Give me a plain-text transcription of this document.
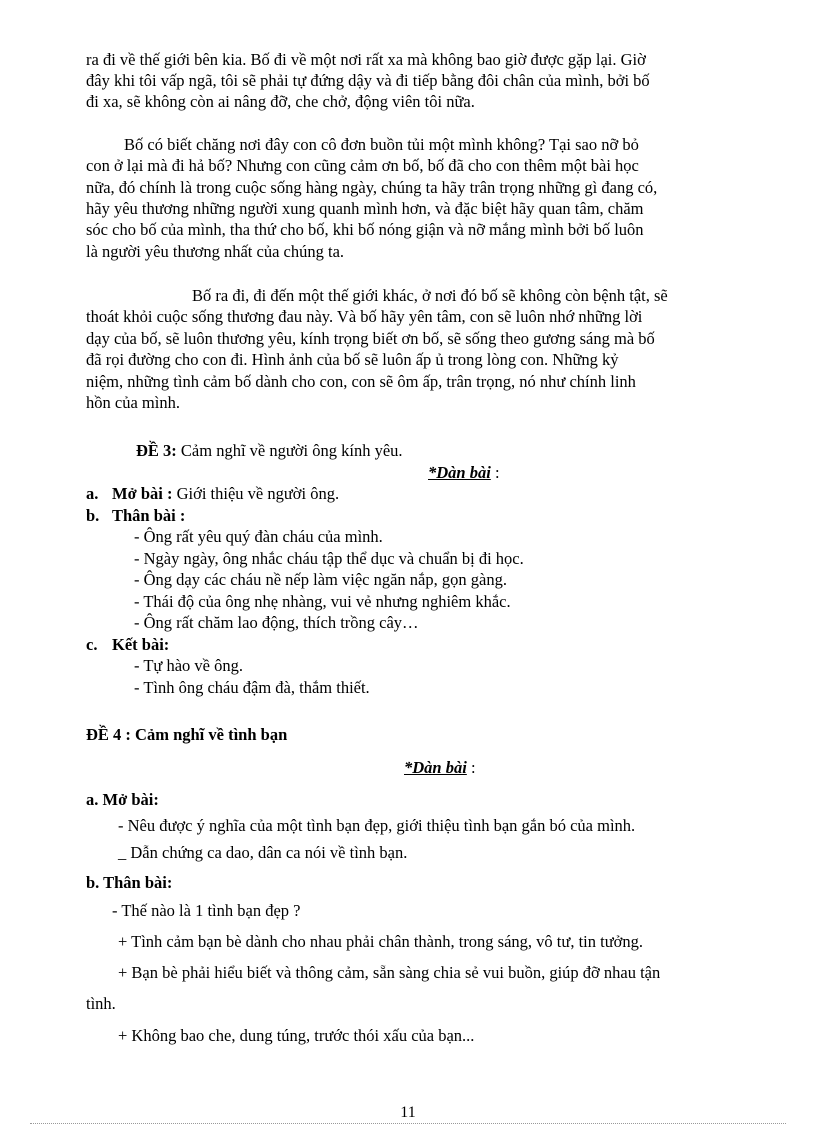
ra đi về thế giới bên kia. Bố đi về một nơi rất xa mà không bao giờ được gặp lại. Giờ
đây khi tôi vấp ngã, tôi sẽ phải tự đứng dậy và đi tiếp bằng đôi chân của mình, bởi bố
đi xa, sẽ không còn ai nâng đỡ, che chở, động viên tôi nữa.
Bố có biết chăng nơi đây con cô đơn buồn tủi một mình không? Tại sao nỡ bỏ
con ở lại mà đi hả bố? Nhưng con cũng cảm ơn bố, bố đã cho con thêm một bài học
nữa, đó chính là trong cuộc sống hàng ngày, chúng ta hãy trân trọng những gì đang có,
hãy yêu thương những người xung quanh mình hơn, và đặc biệt hãy quan tâm, chăm
sóc cho bố của mình, tha thứ cho bố, khi bố nóng giận và nỡ mắng mình bởi bố luôn
là người yêu thương nhất của chúng ta.
Bố ra đi, đi đến một thế giới khác, ở nơi đó bố sẽ không còn bệnh tật, sẽ
thoát khỏi cuộc sống thương đau này. Và bố hãy yên tâm, con sẽ luôn nhớ những lời
dạy của bố, sẽ luôn thương yêu, kính trọng biết ơn bố, sẽ sống theo gương sáng mà bố
đã rọi đường cho con đi. Hình ảnh của bố sẽ luôn ấp ủ trong lòng con. Những kỷ
niệm, những tình cảm bố dành cho con, con sẽ ôm ấp, trân trọng, nó như chính linh
hồn của mình.
ĐỀ 3: Cảm nghĩ về người ông kính yêu.
*Dàn bài :
a. Mở bài : Giới thiệu về người ông.
b. Thân bài :
- Ông rất yêu quý đàn cháu của mình.
- Ngày ngày, ông nhắc cháu tập thể dục và chuẩn bị đi học.
- Ông dạy các cháu nề nếp làm việc ngăn nắp, gọn gàng.
- Thái độ của ông nhẹ nhàng, vui vẻ nhưng nghiêm khắc.
- Ông rất chăm lao động, thích trồng cây…
c. Kết bài:
- Tự hào về ông.
- Tình ông cháu đậm đà, thắm thiết.
ĐỀ 4 : Cảm nghĩ về tình bạn
*Dàn bài :
a. Mở bài:
- Nêu được ý nghĩa của một tình bạn đẹp, giới thiệu tình bạn gắn bó của mình.
_ Dẫn chứng ca dao, dân ca nói về tình bạn.
b. Thân bài:
- Thế nào là 1 tình bạn đẹp ?
+ Tình cảm bạn bè dành cho nhau phải chân thành, trong sáng, vô tư, tin tưởng.
+ Bạn bè phải hiểu biết và thông cảm, sẵn sàng chia sẻ vui buồn, giúp đỡ nhau tận
tình.
+ Không bao che, dung túng, trước thói xấu của bạn...
11
